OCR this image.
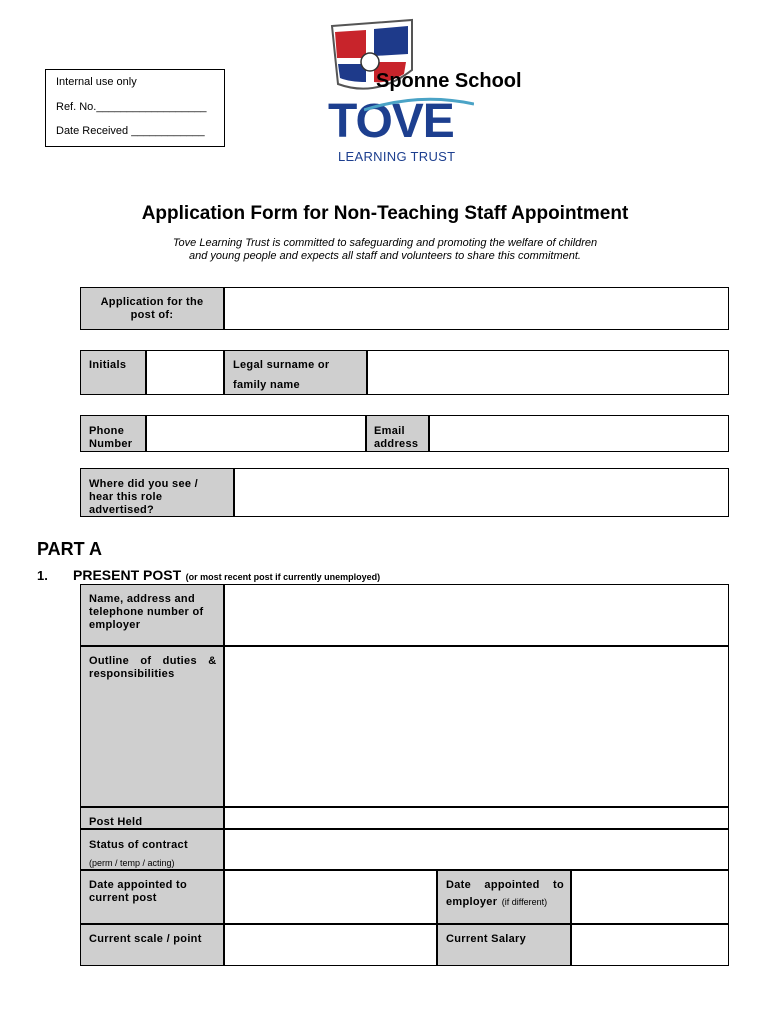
Internal use only
Ref. No.__________________
Date Received ____________
Sponne School
TOVE
LEARNING TRUST
Application Form for Non-Teaching Staff Appointment
Tove Learning Trust is committed to safeguarding and promoting the welfare of children
and young people and expects all staff and volunteers to share this commitment.
Application for the post of:
Initials	Legal surname or
family name
Phone
Number
Email
address
Where did you see /
hear this role
advertised?
PART A
1. PRESENT POST (or most recent post if currently unemployed)
Name, address and
telephone number of
employer
Outline of duties &
responsibilities
Post Held
Status of contract
(perm / temp / acting)
Date appointed to
current post
Date appointed to
employer (if different)
Current scale / point	Current Salary
